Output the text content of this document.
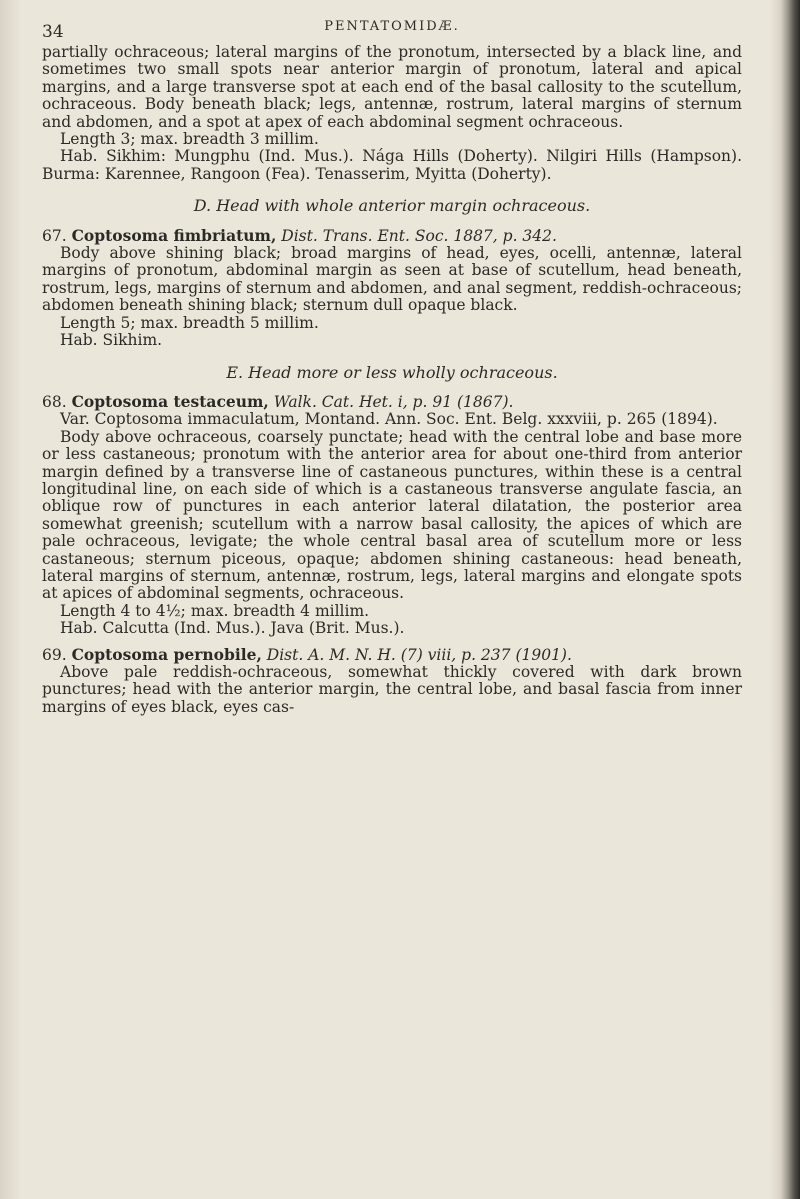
34	PENTATOMIDÆ.

partially ochraceous; lateral margins of the pronotum, intersected by a black line, and sometimes two small spots near anterior margin of pronotum, lateral and apical margins, and a large transverse spot at each end of the basal callosity to the scutellum, ochraceous. Body beneath black; legs, antennæ, rostrum, lateral margins of sternum and abdomen, and a spot at apex of each abdominal segment ochraceous.

Length 3; max. breadth 3 millim.

Hab. Sikhim: Mungphu (Ind. Mus.). Nága Hills (Doherty). Nilgiri Hills (Hampson). Burma: Karennee, Rangoon (Fea). Tenasserim, Myitta (Doherty).

D. Head with whole anterior margin ochraceous.

67. Coptosoma fimbriatum, Dist. Trans. Ent. Soc. 1887, p. 342.

Body above shining black; broad margins of head, eyes, ocelli, antennæ, lateral margins of pronotum, abdominal margin as seen at base of scutellum, head beneath, rostrum, legs, margins of sternum and abdomen, and anal segment, reddish-ochraceous; abdomen beneath shining black; sternum dull opaque black.

Length 5; max. breadth 5 millim.

Hab. Sikhim.

E. Head more or less wholly ochraceous.

68. Coptosoma testaceum, Walk. Cat. Het. i, p. 91 (1867).

Var. Coptosoma immaculatum, Montand. Ann. Soc. Ent. Belg. xxxviii, p. 265 (1894).

Body above ochraceous, coarsely punctate; head with the central lobe and base more or less castaneous; pronotum with the anterior area for about one-third from anterior margin defined by a transverse line of castaneous punctures, within these is a central longitudinal line, on each side of which is a castaneous transverse angulate fascia, an oblique row of punctures in each anterior lateral dilatation, the posterior area somewhat greenish; scutellum with a narrow basal callosity, the apices of which are pale ochraceous, levigate; the whole central basal area of scutellum more or less castaneous; sternum piceous, opaque; abdomen shining castaneous: head beneath, lateral margins of sternum, antennæ, rostrum, legs, lateral margins and elongate spots at apices of abdominal segments, ochraceous.

Length 4 to 4½; max. breadth 4 millim.

Hab. Calcutta (Ind. Mus.). Java (Brit. Mus.).

69. Coptosoma pernobile, Dist. A. M. N. H. (7) viii, p. 237 (1901).

Above pale reddish-ochraceous, somewhat thickly covered with dark brown punctures; head with the anterior margin, the central lobe, and basal fascia from inner margins of eyes black, eyes cas-
